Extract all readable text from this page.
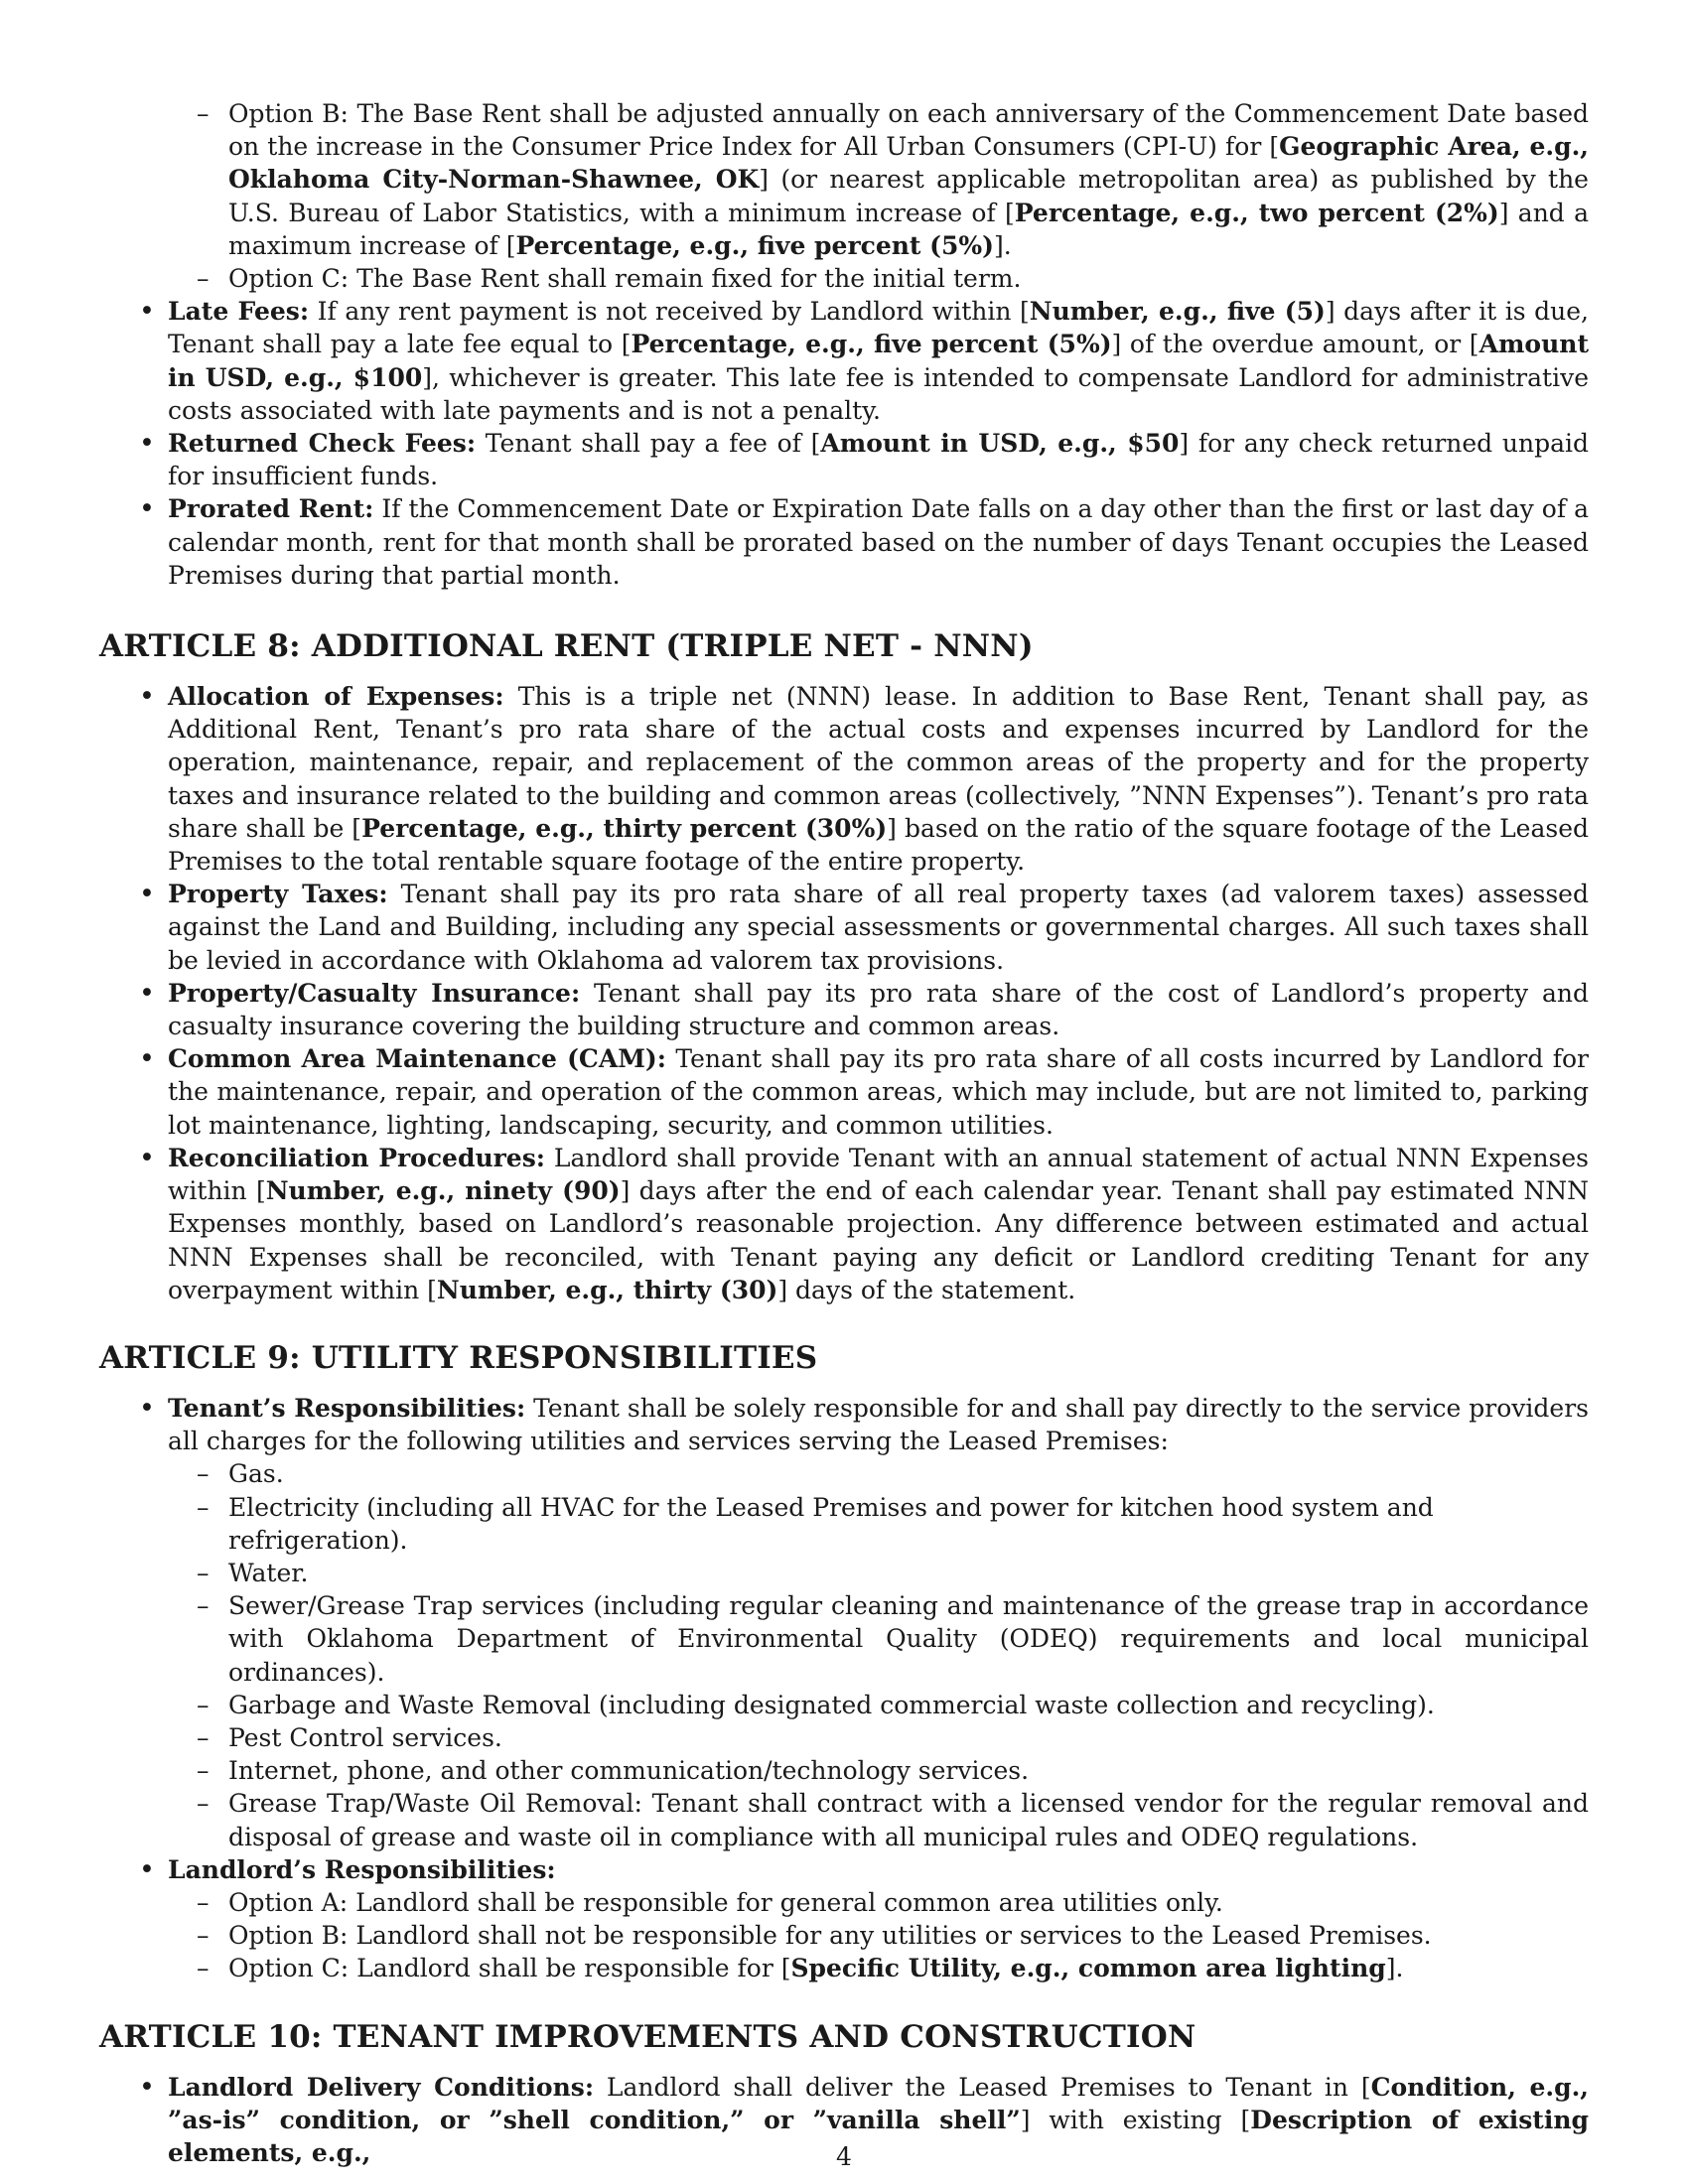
– Option B: The Base Rent shall be adjusted annually on each anniversary of the Commencement Date based on the increase in the Consumer Price Index for All Urban Consumers (CPI-U) for [Geographic Area, e.g., Oklahoma City-Norman-Shawnee, OK] (or nearest applicable metropolitan area) as published by the U.S. Bureau of Labor Statistics, with a minimum increase of [Percentage, e.g., two percent (2%)] and a maximum increase of [Percentage, e.g., five percent (5%)].

– Option C: The Base Rent shall remain fixed for the initial term.

• Late Fees: If any rent payment is not received by Landlord within [Number, e.g., five (5)] days after it is due, Tenant shall pay a late fee equal to [Percentage, e.g., five percent (5%)] of the overdue amount, or [Amount in USD, e.g., $100], whichever is greater. This late fee is intended to compensate Landlord for administrative costs associated with late payments and is not a penalty.

• Returned Check Fees: Tenant shall pay a fee of [Amount in USD, e.g., $50] for any check returned unpaid for insufficient funds.

• Prorated Rent: If the Commencement Date or Expiration Date falls on a day other than the first or last day of a calendar month, rent for that month shall be prorated based on the number of days Tenant occupies the Leased Premises during that partial month.

ARTICLE 8: ADDITIONAL RENT (TRIPLE NET - NNN)

• Allocation of Expenses: This is a triple net (NNN) lease. In addition to Base Rent, Tenant shall pay, as Additional Rent, Tenant’s pro rata share of the actual costs and expenses incurred by Landlord for the operation, maintenance, repair, and replacement of the common areas of the property and for the property taxes and insurance related to the building and common areas (collectively, ”NNN Expenses”). Tenant’s pro rata share shall be [Percentage, e.g., thirty percent (30%)] based on the ratio of the square footage of the Leased Premises to the total rentable square footage of the entire property.

• Property Taxes: Tenant shall pay its pro rata share of all real property taxes (ad valorem taxes) assessed against the Land and Building, including any special assessments or governmental charges. All such taxes shall be levied in accordance with Oklahoma ad valorem tax provisions.

• Property/Casualty Insurance: Tenant shall pay its pro rata share of the cost of Landlord’s property and casualty insurance covering the building structure and common areas.

• Common Area Maintenance (CAM): Tenant shall pay its pro rata share of all costs incurred by Landlord for the maintenance, repair, and operation of the common areas, which may include, but are not limited to, parking lot maintenance, lighting, landscaping, security, and common utilities.

• Reconciliation Procedures: Landlord shall provide Tenant with an annual statement of actual NNN Expenses within [Number, e.g., ninety (90)] days after the end of each calendar year. Tenant shall pay estimated NNN Expenses monthly, based on Landlord’s reasonable projection. Any difference between estimated and actual NNN Expenses shall be reconciled, with Tenant paying any deficit or Landlord crediting Tenant for any overpayment within [Number, e.g., thirty (30)] days of the statement.

ARTICLE 9: UTILITY RESPONSIBILITIES

• Tenant’s Responsibilities: Tenant shall be solely responsible for and shall pay directly to the service providers all charges for the following utilities and services serving the Leased Premises:

– Gas.

– Electricity (including all HVAC for the Leased Premises and power for kitchen hood system and refrigeration).

– Water.

– Sewer/Grease Trap services (including regular cleaning and maintenance of the grease trap in accordance with Oklahoma Department of Environmental Quality (ODEQ) requirements and local municipal ordinances).

– Garbage and Waste Removal (including designated commercial waste collection and recycling).

– Pest Control services.

– Internet, phone, and other communication/technology services.

– Grease Trap/Waste Oil Removal: Tenant shall contract with a licensed vendor for the regular removal and disposal of grease and waste oil in compliance with all municipal rules and ODEQ regulations.

• Landlord’s Responsibilities:

– Option A: Landlord shall be responsible for general common area utilities only.

– Option B: Landlord shall not be responsible for any utilities or services to the Leased Premises.

– Option C: Landlord shall be responsible for [Specific Utility, e.g., common area lighting].

ARTICLE 10: TENANT IMPROVEMENTS AND CONSTRUCTION

• Landlord Delivery Conditions: Landlord shall deliver the Leased Premises to Tenant in [Condition, e.g., ”as-is” condition, or ”shell condition,” or ”vanilla shell”] with existing [Description of existing elements, e.g.,	4
